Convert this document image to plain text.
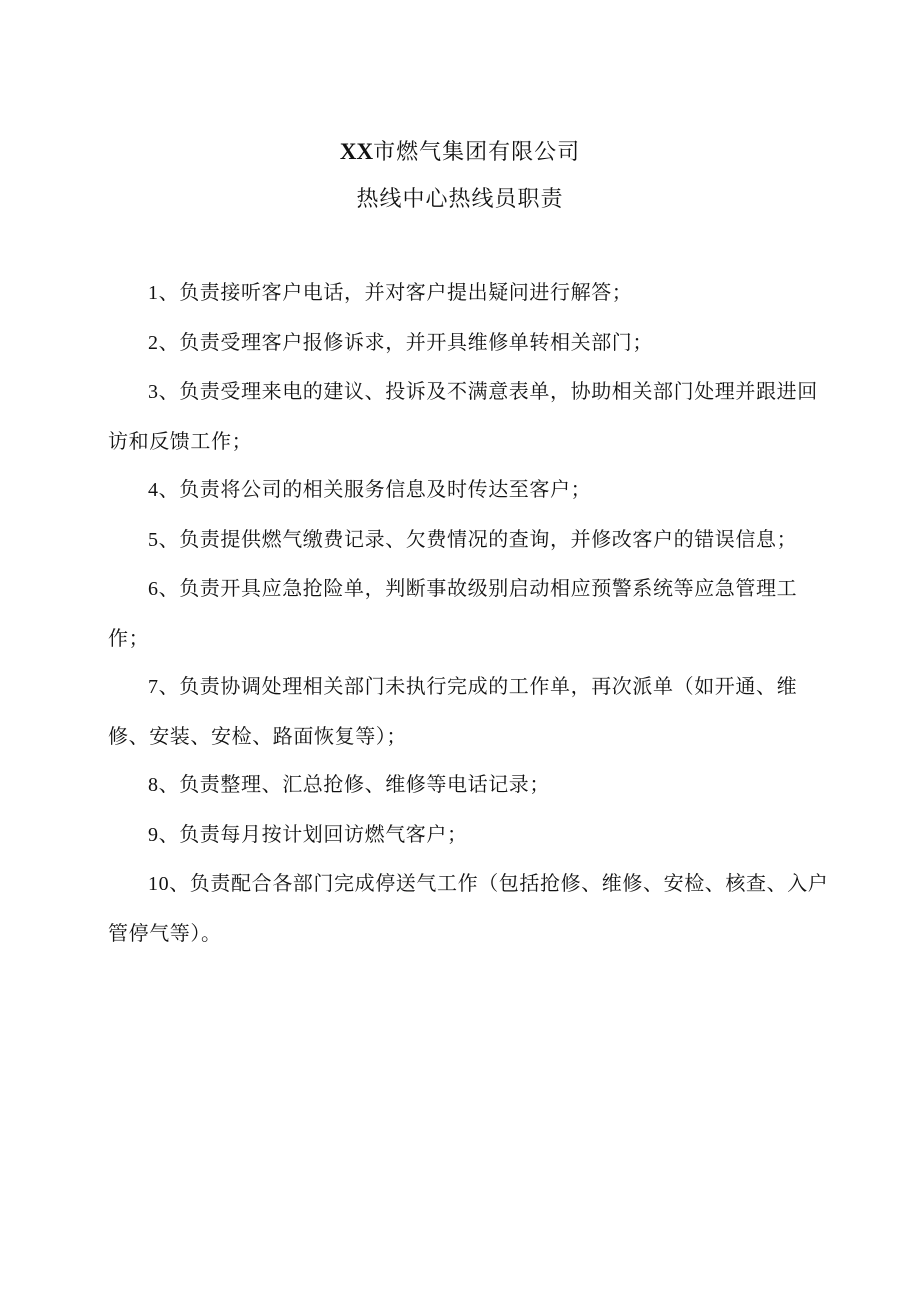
XX市燃气集团有限公司
热线中心热线员职责

1、负责接听客户电话，并对客户提出疑问进行解答；

2、负责受理客户报修诉求，并开具维修单转相关部门；

3、负责受理来电的建议、投诉及不满意表单，协助相关部门处理并跟进回访和反馈工作；

4、负责将公司的相关服务信息及时传达至客户；

5、负责提供燃气缴费记录、欠费情况的查询，并修改客户的错误信息；

6、负责开具应急抢险单，判断事故级别启动相应预警系统等应急管理工作；

7、负责协调处理相关部门未执行完成的工作单，再次派单（如开通、维修、安装、安检、路面恢复等）；

8、负责整理、汇总抢修、维修等电话记录；

9、负责每月按计划回访燃气客户；

10、负责配合各部门完成停送气工作（包括抢修、维修、安检、核查、入户管停气等）。
